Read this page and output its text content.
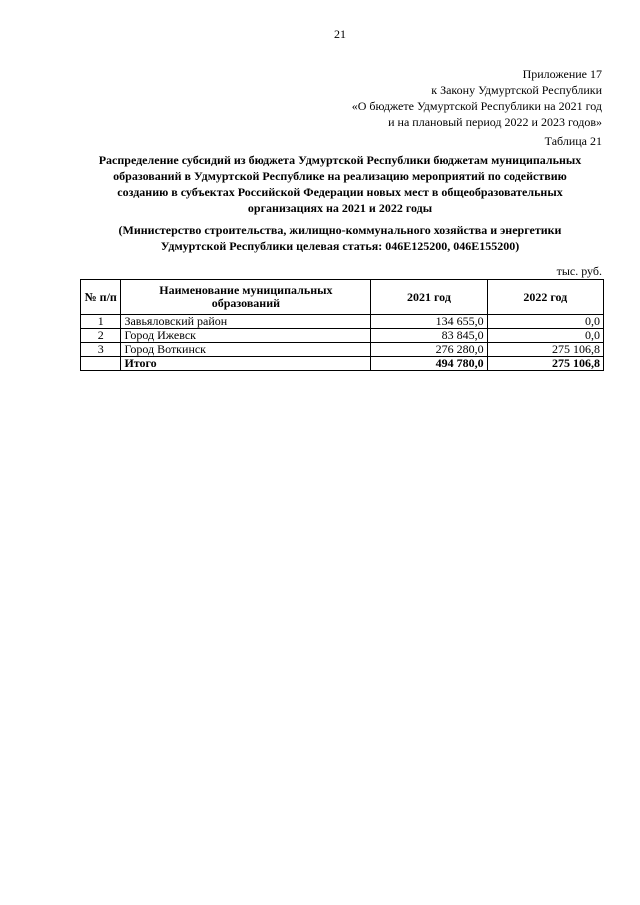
21
Приложение 17
к Закону Удмуртской Республики
«О бюджете Удмуртской Республики на 2021 год
и на плановый период 2022 и 2023 годов»
Таблица 21
Распределение субсидий из бюджета Удмуртской Республики бюджетам муниципальных
образований в Удмуртской Республике на реализацию мероприятий по содействию
созданию в субъектах Российской Федерации новых мест в общеобразовательных
организациях на 2021 и 2022 годы
(Министерство строительства, жилищно-коммунального хозяйства и энергетики
Удмуртской Республики целевая статья: 046E125200, 046E155200)
тыс. руб.
№ п/п	Наименование муниципальных образований	2021 год	2022 год
1	Завьяловский район	134 655,0	0,0
2	Город Ижевск	83 845,0	0,0
3	Город Воткинск	276 280,0	275 106,8
	Итого	494 780,0	275 106,8
